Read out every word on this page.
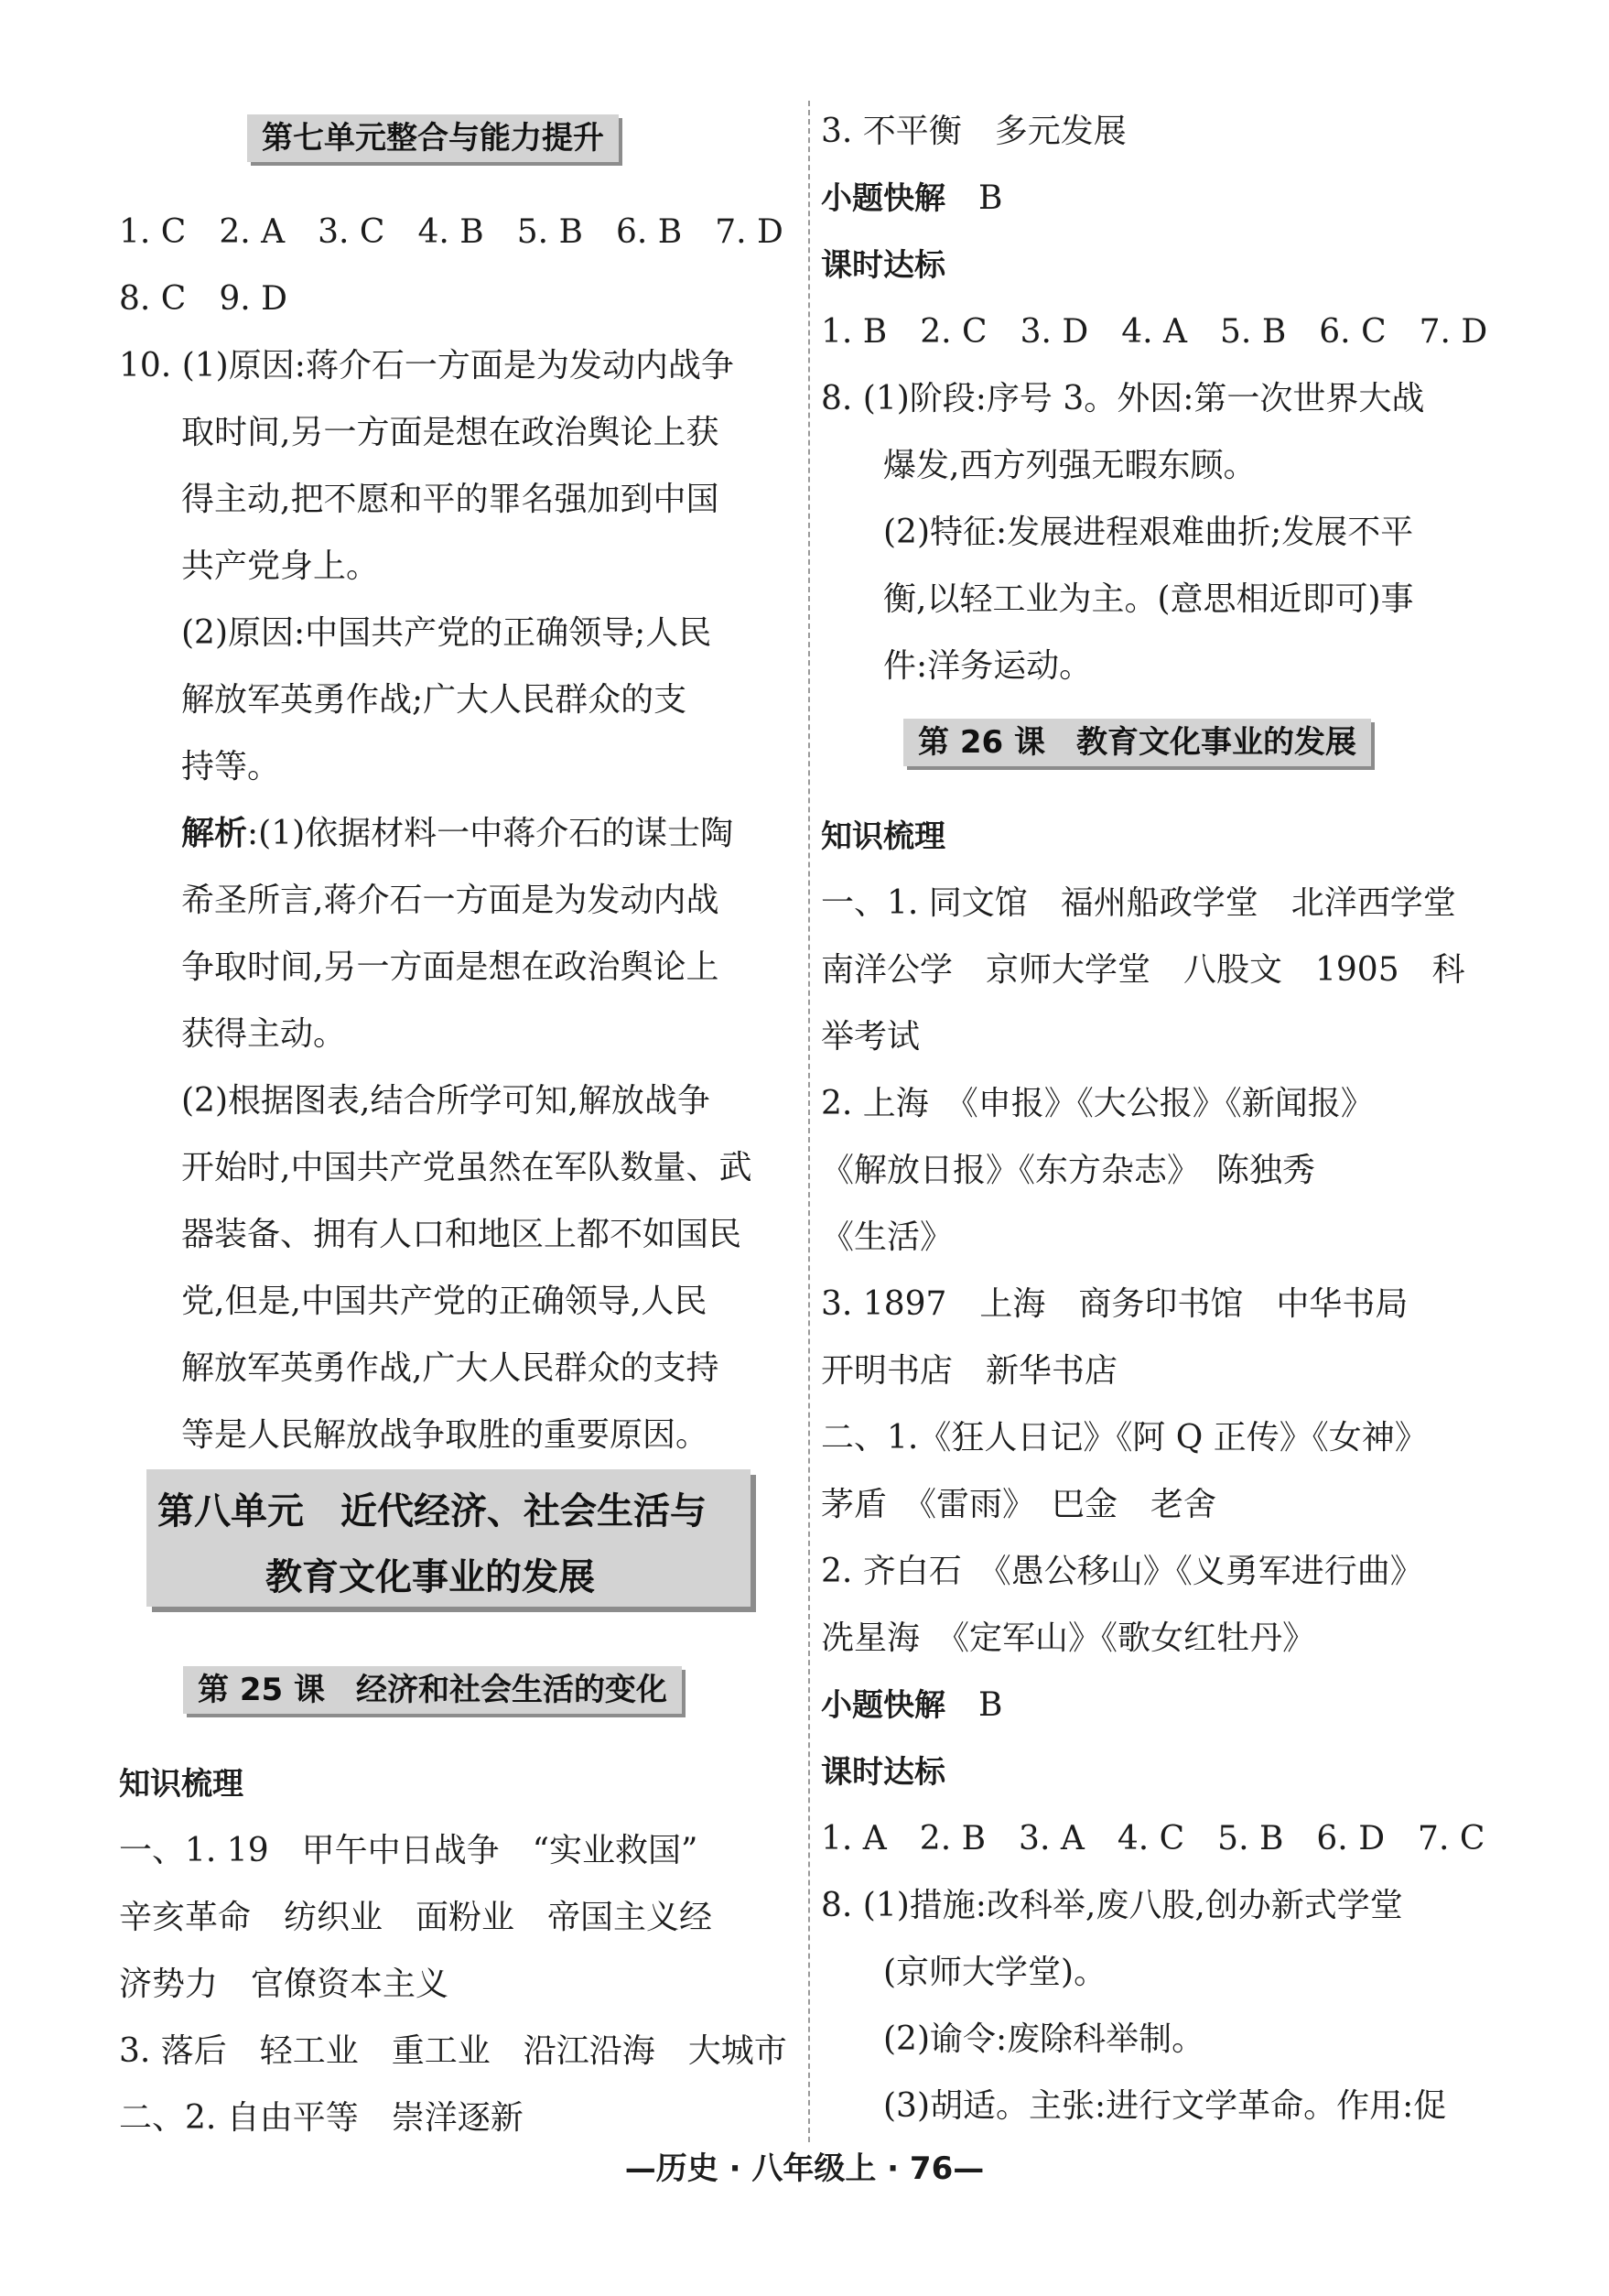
第七单元整合与能力提升
1. C　2. A　3. C　4. B　5. B　6. B　7. D
8. C　9. D
10. (1)原因:蒋介石一方面是为发动内战争
取时间,另一方面是想在政治舆论上获
得主动,把不愿和平的罪名强加到中国
共产党身上。
(2)原因:中国共产党的正确领导;人民
解放军英勇作战;广大人民群众的支
持等。
解析:(1)依据材料一中蒋介石的谋士陶
希圣所言,蒋介石一方面是为发动内战
争取时间,另一方面是想在政治舆论上
获得主动。
(2)根据图表,结合所学可知,解放战争
开始时,中国共产党虽然在军队数量、武
器装备、拥有人口和地区上都不如国民
党,但是,中国共产党的正确领导,人民
解放军英勇作战,广大人民群众的支持
等是人民解放战争取胜的重要原因。
第八单元　近代经济、社会生活与
教育文化事业的发展
第 25 课　经济和社会生活的变化
知识梳理
一、1. 19　甲午中日战争　“实业救国”
辛亥革命　纺织业　面粉业　帝国主义经
济势力　官僚资本主义
3. 落后　轻工业　重工业　沿江沿海　大城市
二、2. 自由平等　崇洋逐新
3. 不平衡　多元发展
小题快解　 B
课时达标
1. B　2. C　3. D　4. A　5. B　6. C　7. D
8. (1)阶段:序号 3。外因:第一次世界大战
爆发,西方列强无暇东顾。
(2)特征:发展进程艰难曲折;发展不平
衡,以轻工业为主。(意思相近即可)事
件:洋务运动。
第 26 课　教育文化事业的发展
知识梳理
一、1. 同文馆　福州船政学堂　北洋西学堂
南洋公学　京师大学堂　八股文　1905　科
举考试
2. 上海　《申报》《大公报》《新闻报》
《解放日报》《东方杂志》　陈独秀
《生活》
3. 1897　上海　商务印书馆　中华书局
开明书店　新华书店
二、1.《狂人日记》《阿 Q 正传》《女神》
茅盾　《雷雨》　巴金　老舍
2. 齐白石　《愚公移山》《义勇军进行曲》
冼星海　《定军山》《歌女红牡丹》
小题快解　 B
课时达标
1. A　2. B　3. A　4. C　5. B　6. D　7. C
8. (1)措施:改科举,废八股,创办新式学堂
(京师大学堂)。
(2)谕令:废除科举制。
(3)胡适。主张:进行文学革命。作用:促
—历史 · 八年级上 · 76—
